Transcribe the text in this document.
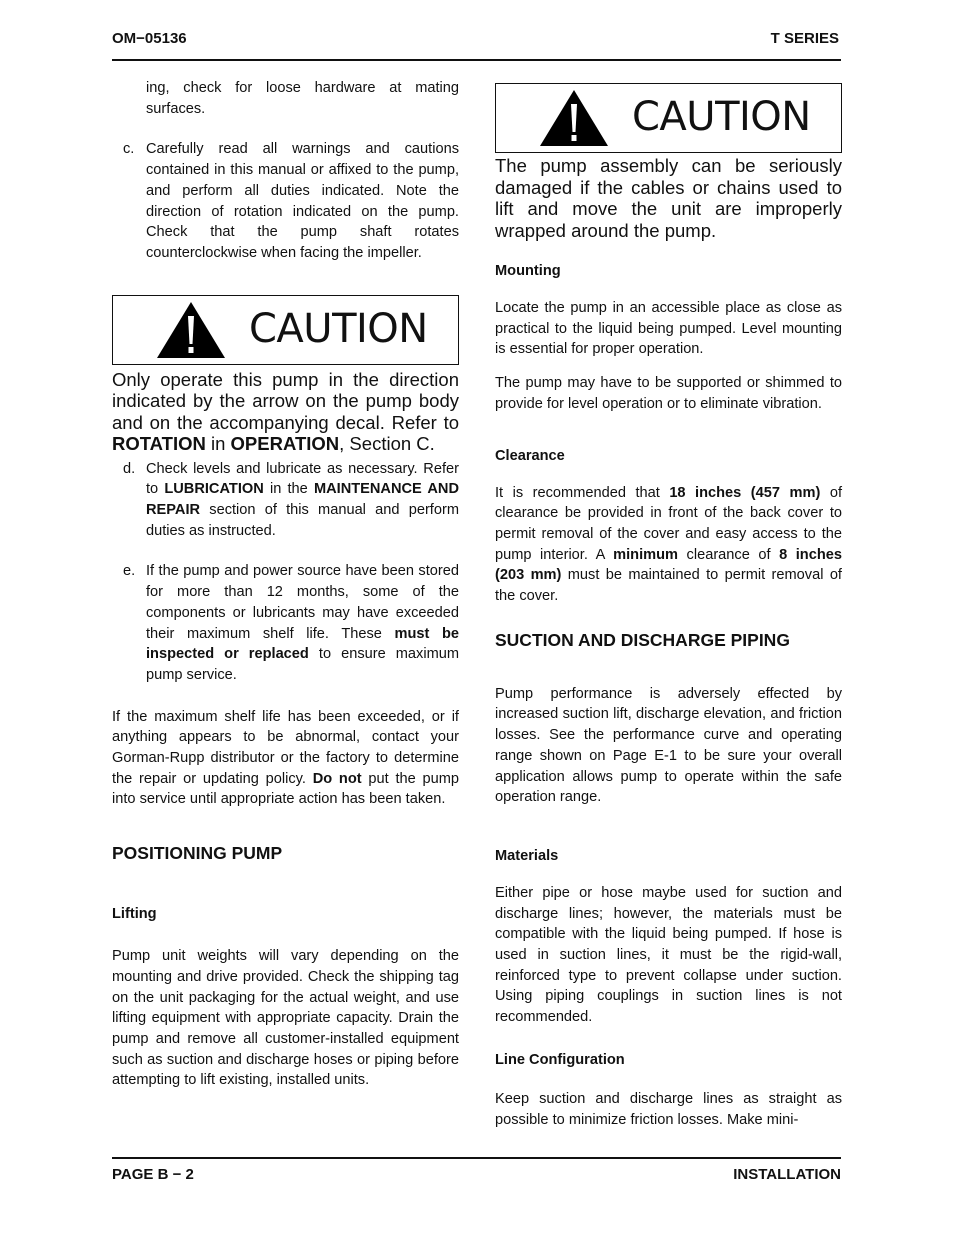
OM−05136	T SERIES

ing, check for loose hardware at mating surfaces.

c. Carefully read all warnings and cautions contained in this manual or affixed to the pump, and perform all duties indicated. Note the direction of rotation indicated on the pump. Check that the pump shaft rotates counterclockwise when facing the impeller.
CAUTION

Only operate this pump in the direction indicated by the arrow on the pump body and on the accompanying decal. Refer to ROTATION in OPERATION, Section C.

d. Check levels and lubricate as necessary. Refer to LUBRICATION in the MAINTENANCE AND REPAIR section of this manual and perform duties as instructed.
e. If the pump and power source have been stored for more than 12 months, some of the components or lubricants may have exceeded their maximum shelf life. These must be inspected or replaced to ensure maximum pump service.

If the maximum shelf life has been exceeded, or if anything appears to be abnormal, contact your Gorman-Rupp distributor or the factory to determine the repair or updating policy. Do not put the pump into service until appropriate action has been taken.

POSITIONING PUMP
Lifting

Pump unit weights will vary depending on the mounting and drive provided. Check the shipping tag on the unit packaging for the actual weight, and use lifting equipment with appropriate capacity. Drain the pump and remove all customer-installed equipment such as suction and discharge hoses or piping before attempting to lift existing, installed units.

CAUTION

The pump assembly can be seriously damaged if the cables or chains used to lift and move the unit are improperly wrapped around the pump.

Mounting

Locate the pump in an accessible place as close as practical to the liquid being pumped. Level mounting is essential for proper operation.

The pump may have to be supported or shimmed to provide for level operation or to eliminate vibration.

Clearance

It is recommended that 18 inches (457 mm) of clearance be provided in front of the back cover to permit removal of the cover and easy access to the pump interior. A minimum clearance of 8 inches (203 mm) must be maintained to permit removal of the cover.

SUCTION AND DISCHARGE PIPING

Pump performance is adversely effected by increased suction lift, discharge elevation, and friction losses. See the performance curve and operating range shown on Page E-1 to be sure your overall application allows pump to operate within the safe operation range.

Materials

Either pipe or hose maybe used for suction and discharge lines; however, the materials must be compatible with the liquid being pumped. If hose is used in suction lines, it must be the rigid-wall, reinforced type to prevent collapse under suction. Using piping couplings in suction lines is not recommended.

Line Configuration

Keep suction and discharge lines as straight as possible to minimize friction losses. Make mini-

PAGE B − 2	INSTALLATION
